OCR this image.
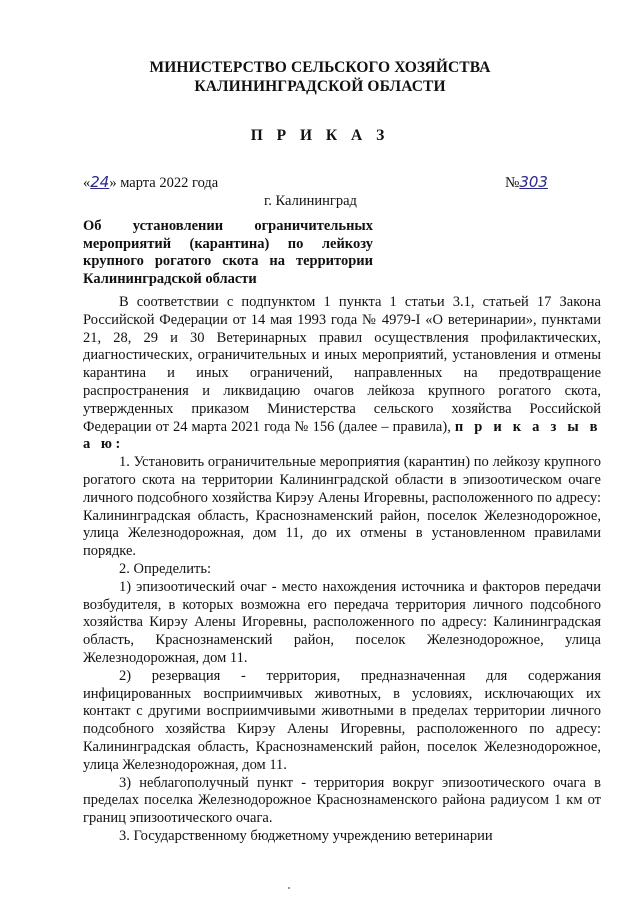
МИНИСТЕРСТВО СЕЛЬСКОГО ХОЗЯЙСТВА
КАЛИНИНГРАДСКОЙ ОБЛАСТИ
П Р И К А З
«24» марта 2022 года	№303
г. Калининград
Об установлении ограничительных мероприятий (карантина) по лейкозу крупного рогатого скота на территории Калининградской области

В соответствии с подпунктом 1 пункта 1 статьи 3.1, статьей 17 Закона Российской Федерации от 14 мая 1993 года № 4979-I «О ветеринарии», пунктами 21, 28, 29 и 30 Ветеринарных правил осуществления профилактических, диагностических, ограничительных и иных мероприятий, установления и отмены карантина и иных ограничений, направленных на предотвращение распространения и ликвидацию очагов лейкоза крупного рогатого скота, утвержденных приказом Министерства сельского хозяйства Российской Федерации от 24 марта 2021 года № 156 (далее – правила), п р и к а з ы в а ю:

1. Установить ограничительные мероприятия (карантин) по лейкозу крупного рогатого скота на территории Калининградской области в эпизоотическом очаге личного подсобного хозяйства Кирэу Алены Игоревны, расположенного по адресу: Калининградская область, Краснознаменский район, поселок Железнодорожное, улица Железнодорожная, дом 11, до их отмены в установленном правилами порядке.

2. Определить:

1) эпизоотический очаг - место нахождения источника и факторов передачи возбудителя, в которых возможна его передача территория личного подсобного хозяйства Кирэу Алены Игоревны, расположенного по адресу: Калининградская область, Краснознаменский район, поселок Железнодорожное, улица Железнодорожная, дом 11.

2) резервация - территория, предназначенная для содержания инфицированных восприимчивых животных, в условиях, исключающих их контакт с другими восприимчивыми животными в пределах территории личного подсобного хозяйства Кирэу Алены Игоревны, расположенного по адресу: Калининградская область, Краснознаменский район, поселок Железнодорожное, улица Железнодорожная, дом 11.

3) неблагополучный пункт - территория вокруг эпизоотического очага в пределах поселка Железнодорожное Краснознаменского района радиусом 1 км от границ эпизоотического очага.

3. Государственному бюджетному учреждению ветеринарии
